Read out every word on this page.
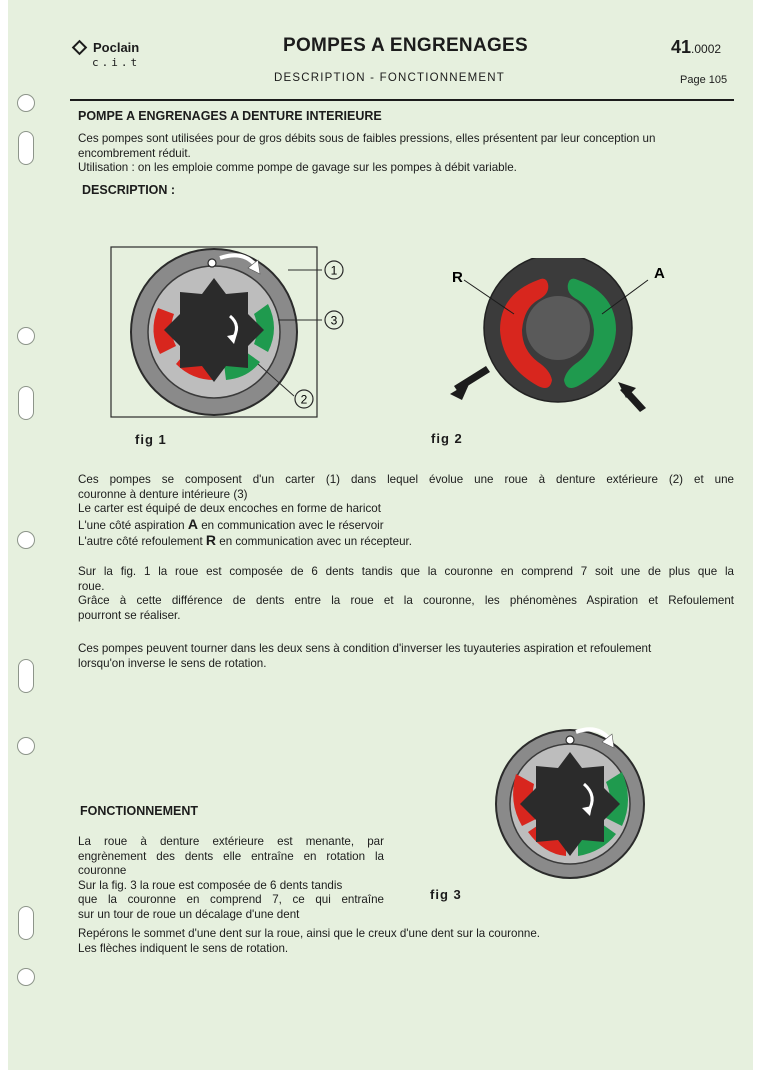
Poclain
c.i.t
POMPES A ENGRENAGES
DESCRIPTION - FONCTIONNEMENT
41.0002
Page 105
POMPE A ENGRENAGES A DENTURE INTERIEURE
Ces pompes sont utilisées pour de gros débits sous de faibles pressions, elles présentent par leur conception un
encombrement réduit.
Utilisation : on les emploie comme pompe de gavage sur les pompes à débit variable.
DESCRIPTION :
1
3
2
fig 1
R	A
fig 2
Ces pompes se composent d'un carter (1) dans lequel évolue une roue à denture extérieure (2) et une
couronne à denture intérieure (3)
Le carter est équipé de deux encoches en forme de haricot
L'une côté aspiration A en communication avec le réservoir
L'autre côté refoulement R en communication avec un récepteur.
Sur la fig. 1 la roue est composée de 6 dents tandis que la couronne en comprend 7 soit une de plus que la
roue.
Grâce à cette différence de dents entre la roue et la couronne, les phénomènes Aspiration et Refoulement
pourront se réaliser.
Ces pompes peuvent tourner dans les deux sens à condition d'inverser les tuyauteries aspiration et refoulement
lorsqu'on inverse le sens de rotation.
fig 3
FONCTIONNEMENT
La roue à denture extérieure est menante, par
engrènement des dents elle entraîne en rotation la
couronne
Sur la fig. 3 la roue est composée de 6 dents tandis
que la couronne en comprend 7, ce qui entraîne
sur un tour de roue un décalage d'une dent
Repérons le sommet d'une dent sur la roue, ainsi que le creux d'une dent sur la couronne.
Les flèches indiquent le sens de rotation.
